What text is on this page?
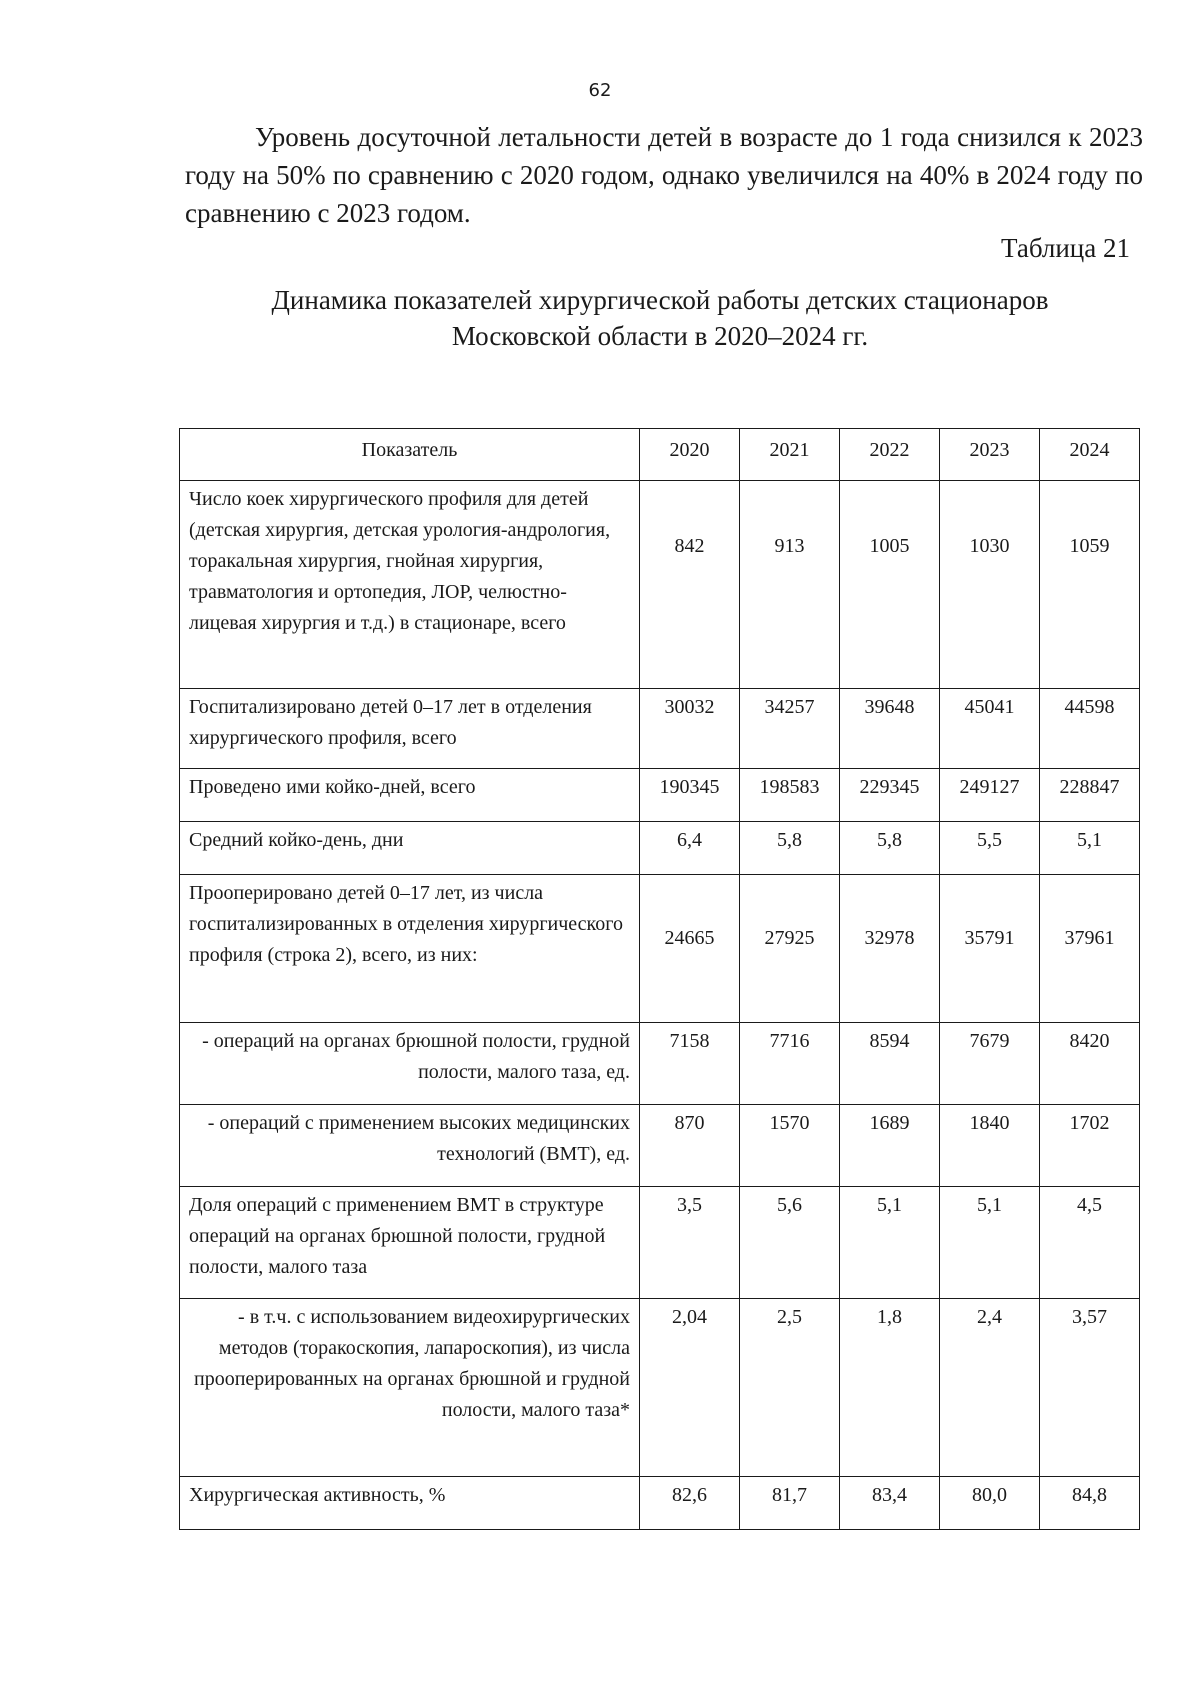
62

Уровень досуточной летальности детей в возрасте до 1 года снизился к 2023 году на 50% по сравнению с 2020 годом, однако увеличился на 40% в 2024 году по сравнению с 2023 годом.

Таблица 21
Динамика показателей хирургической работы детских стационаров
Московской области в 2020–2024 гг.
Показатель	2020	2021	2022	2023	2024
Число коек хирургического профиля для детей (детская хирургия, детская урология-андрология, торакальная хирургия, гнойная хирургия, травматология и ортопедия, ЛОР, челюстно-лицевая хирургия и т.д.) в стационаре, всего	842	913	1005	1030	1059
Госпитализировано детей 0–17 лет в отделения хирургического профиля, всего	30032	34257	39648	45041	44598
Проведено ими койко-дней, всего	190345	198583	229345	249127	228847
Средний койко-день, дни	6,4	5,8	5,8	5,5	5,1
Прооперировано детей 0–17 лет, из числа госпитализированных в отделения хирургического профиля (строка 2), всего, из них:	24665	27925	32978	35791	37961
- операций на органах брюшной полости, грудной полости, малого таза, ед.	7158	7716	8594	7679	8420
- операций с применением высоких медицинских технологий (ВМТ), ед.	870	1570	1689	1840	1702
Доля операций с применением ВМТ в структуре операций на органах брюшной полости, грудной полости, малого таза	3,5	5,6	5,1	5,1	4,5
- в т.ч. с использованием видеохирургических методов (торакоскопия, лапароскопия), из числа прооперированных на органах брюшной и грудной полости, малого таза*	2,04	2,5	1,8	2,4	3,57
Хирургическая активность, %	82,6	81,7	83,4	80,0	84,8
